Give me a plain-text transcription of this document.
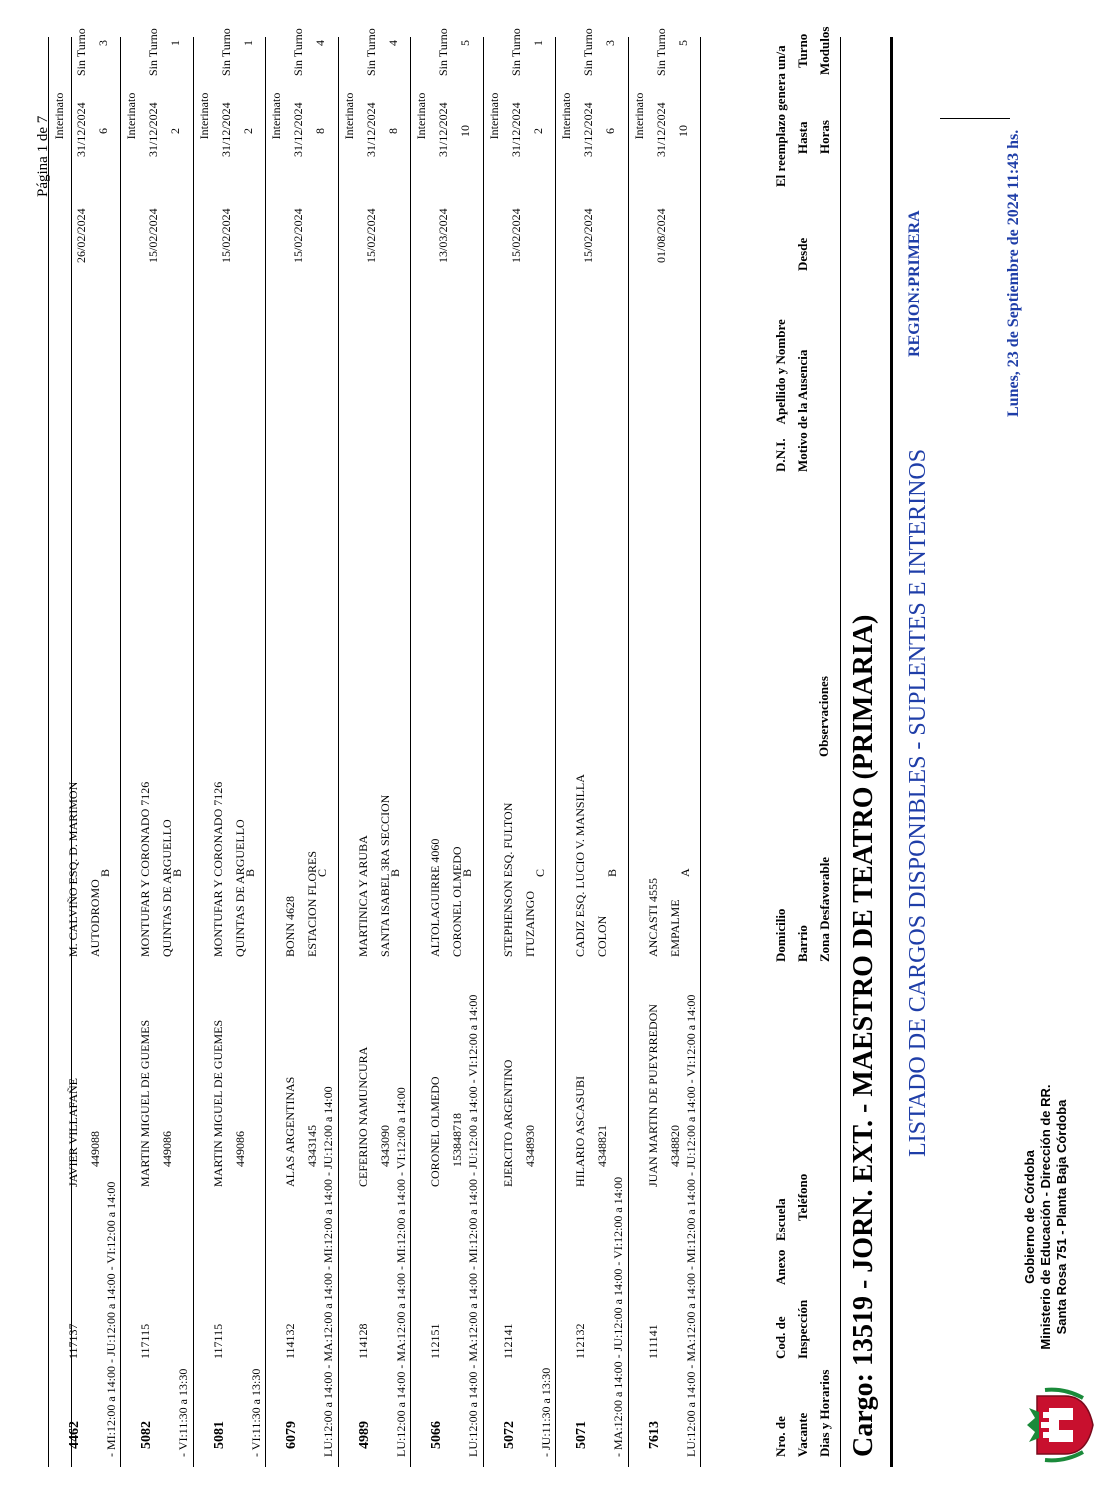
Gobierno de Córdoba Ministerio de Educación - Dirección de RR. Santa Rosa 751 - Planta Baja Córdoba
Lunes, 23 de Septiembre de 2024 11:43 hs.
LISTADO DE CARGOS DISPONIBLES - SUPLENTES E INTERINOS
REGION:PRIMERA
Cargo: 13519 - JORN. EXT. - MAESTRO DE TEATRO (PRIMARIA)
Nro. de Vacante
Cod. de Inspección
Anexo
Escuela Teléfono
Domicilio Barrio Zona Desfavorable
Observaciones
D.N.I.Apellido y Nombre Motivo de la Ausencia
Desde
El reemplazo genera un/a Hasta Horas
Turno Modulos
Dias y Horarios
7613
111141
JUAN MARTIN DE PUEYRREDON 4348820
ANCASTI 4555 EMPALME
A
Interinato
01/08/2024
31/12/2024
Sin Turno
10
5
LU:12:00 a 14:00 - MA:12:00 a 14:00 - MI:12:00 a 14:00 - JU:12:00 a 14:00 - VI:12:00 a 14:00
5071
112132
HILARIO ASCASUBI 4348821
CADIZ ESQ. LUCIO V. MANSILLA COLON
B
Interinato
15/02/2024
31/12/2024
Sin Turno
6
3
- MA:12:00 a 14:00 - JU:12:00 a 14:00 - VI:12:00 a 14:00
5072
112141
EJERCITO ARGENTINO 4348930
STEPHENSON ESQ. FULTON ITUZAINGO
C
Interinato
15/02/2024
31/12/2024
Sin Turno
2
1
- JU:11:30 a 13:30
5066
112151
CORONEL OLMEDO 153848718
ALTOLAGUIRRE 4060 CORONEL OLMEDO
B
Interinato
13/03/2024
31/12/2024
Sin Turno
10
5
LU:12:00 a 14:00 - MA:12:00 a 14:00 - MI:12:00 a 14:00 - JU:12:00 a 14:00 - VI:12:00 a 14:00
4989
114128
CEFERINO NAMUNCURA 4343090
MARTINICA Y ARUBA SANTA ISABEL 3RA SECCION
B
Interinato
15/02/2024
31/12/2024
Sin Turno
8
4
LU:12:00 a 14:00 - MA:12:00 a 14:00 - MI:12:00 a 14:00 - VI:12:00 a 14:00
6079
114132
ALAS ARGENTINAS 4343145
BONN 4628 ESTACION FLORES
C
Interinato
15/02/2024
31/12/2024
Sin Turno
8
4
LU:12:00 a 14:00 - MA:12:00 a 14:00 - MI:12:00 a 14:00 - JU:12:00 a 14:00
5081
117115
MARTIN MIGUEL DE GUEMES 449086
MONTUFAR Y CORONADO 7126 QUINTAS DE ARGUELLO
B
Interinato
15/02/2024
31/12/2024
Sin Turno
2
1
- VI:11:30 a 13:30
5082
117115
MARTIN MIGUEL DE GUEMES 449086
MONTUFAR Y CORONADO 7126 QUINTAS DE ARGUELLO
B
Interinato
15/02/2024
31/12/2024
Sin Turno
2
1
- VI:11:30 a 13:30
4462
117137
JAVIER VILLAFAÑE 449088
M. CALVIÑO ESQ. D. MARIMON AUTODROMO
B
Interinato
26/02/2024
31/12/2024
Sin Turno
6
3
- MI:12:00 a 14:00 - JU:12:00 a 14:00 - VI:12:00 a 14:00
Página 1 de 7
